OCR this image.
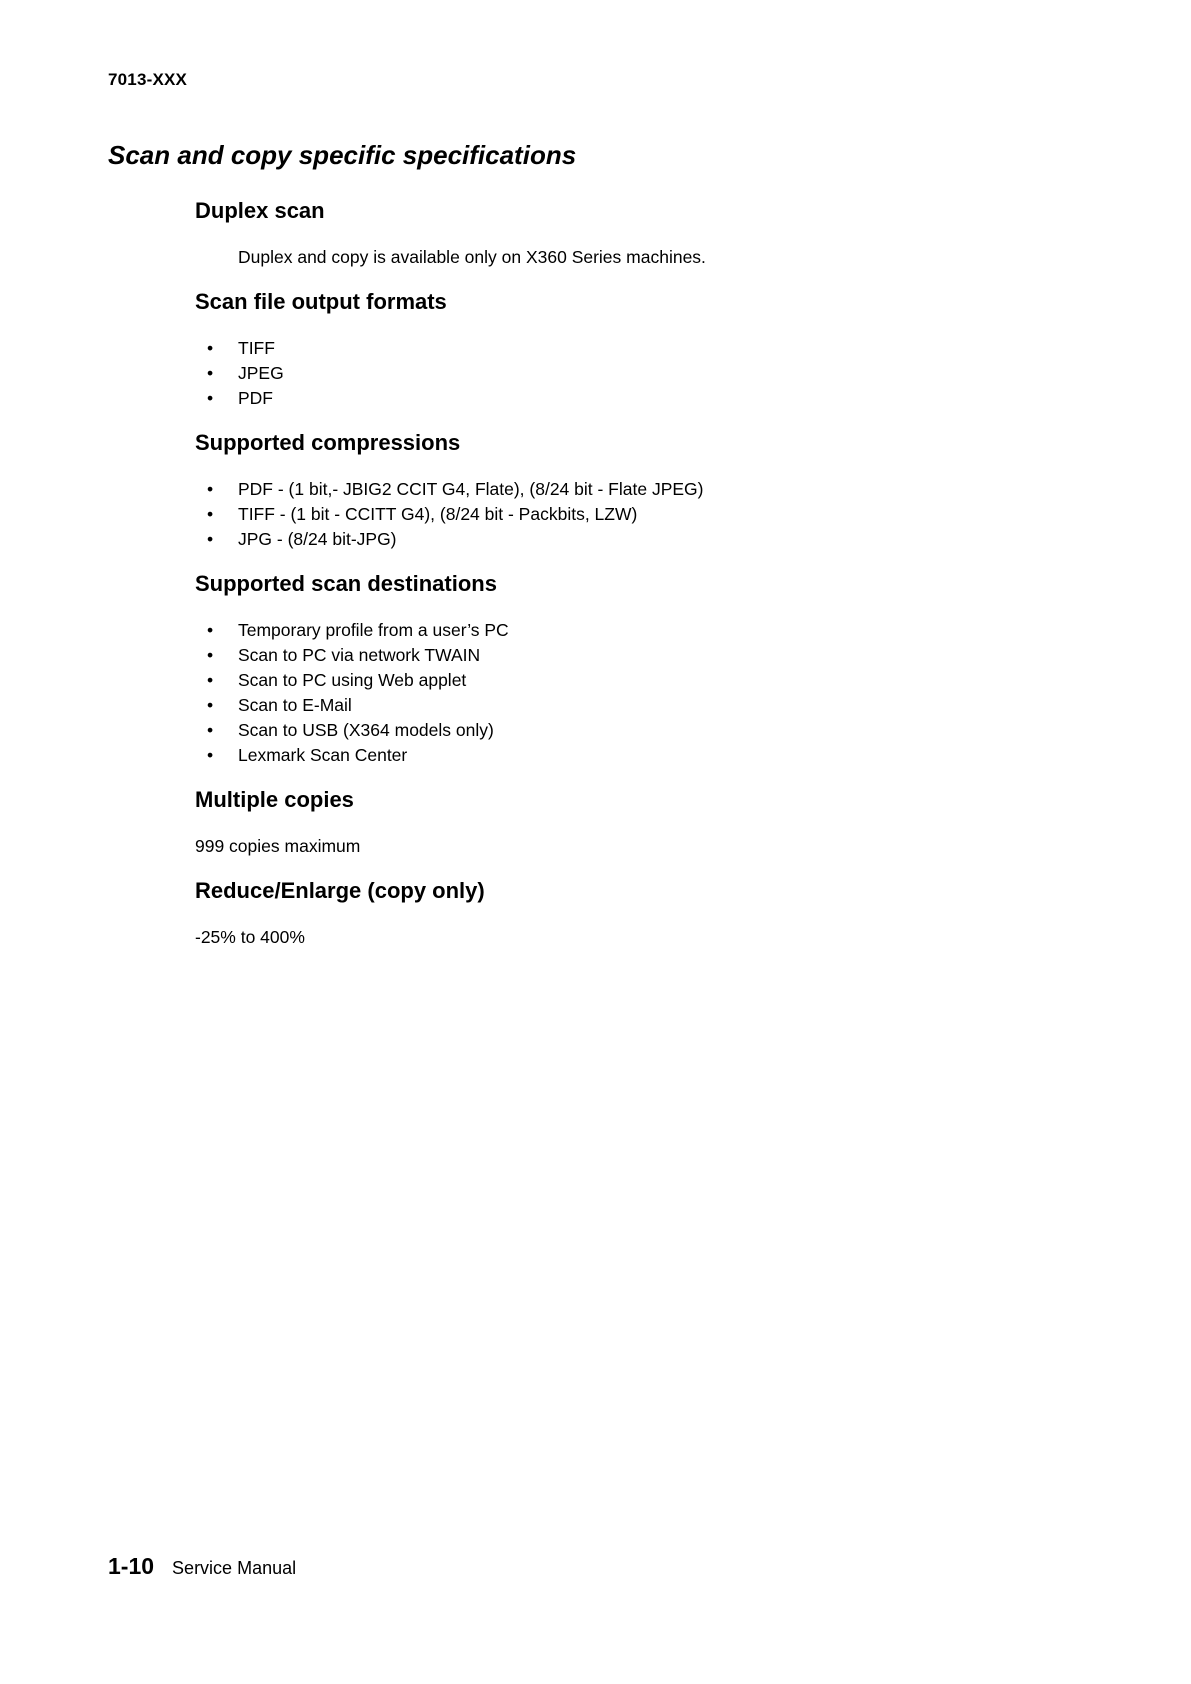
7013-XXX
Scan and copy specific specifications
Duplex scan

Duplex and copy is available only on X360 Series machines.

Scan file output formats
• TIFF
• JPEG
• PDF
Supported compressions
• PDF - (1 bit,- JBIG2 CCIT G4, Flate), (8/24 bit - Flate JPEG)
• TIFF - (1 bit - CCITT G4), (8/24 bit - Packbits, LZW)
• JPG - (8/24 bit-JPG)
Supported scan destinations
• Temporary profile from a user’s PC
• Scan to PC via network TWAIN
• Scan to PC using Web applet
• Scan to E-Mail
• Scan to USB (X364 models only)
• Lexmark Scan Center
Multiple copies

999 copies maximum

Reduce/Enlarge (copy only)

-25% to 400%

1-10 Service Manual
